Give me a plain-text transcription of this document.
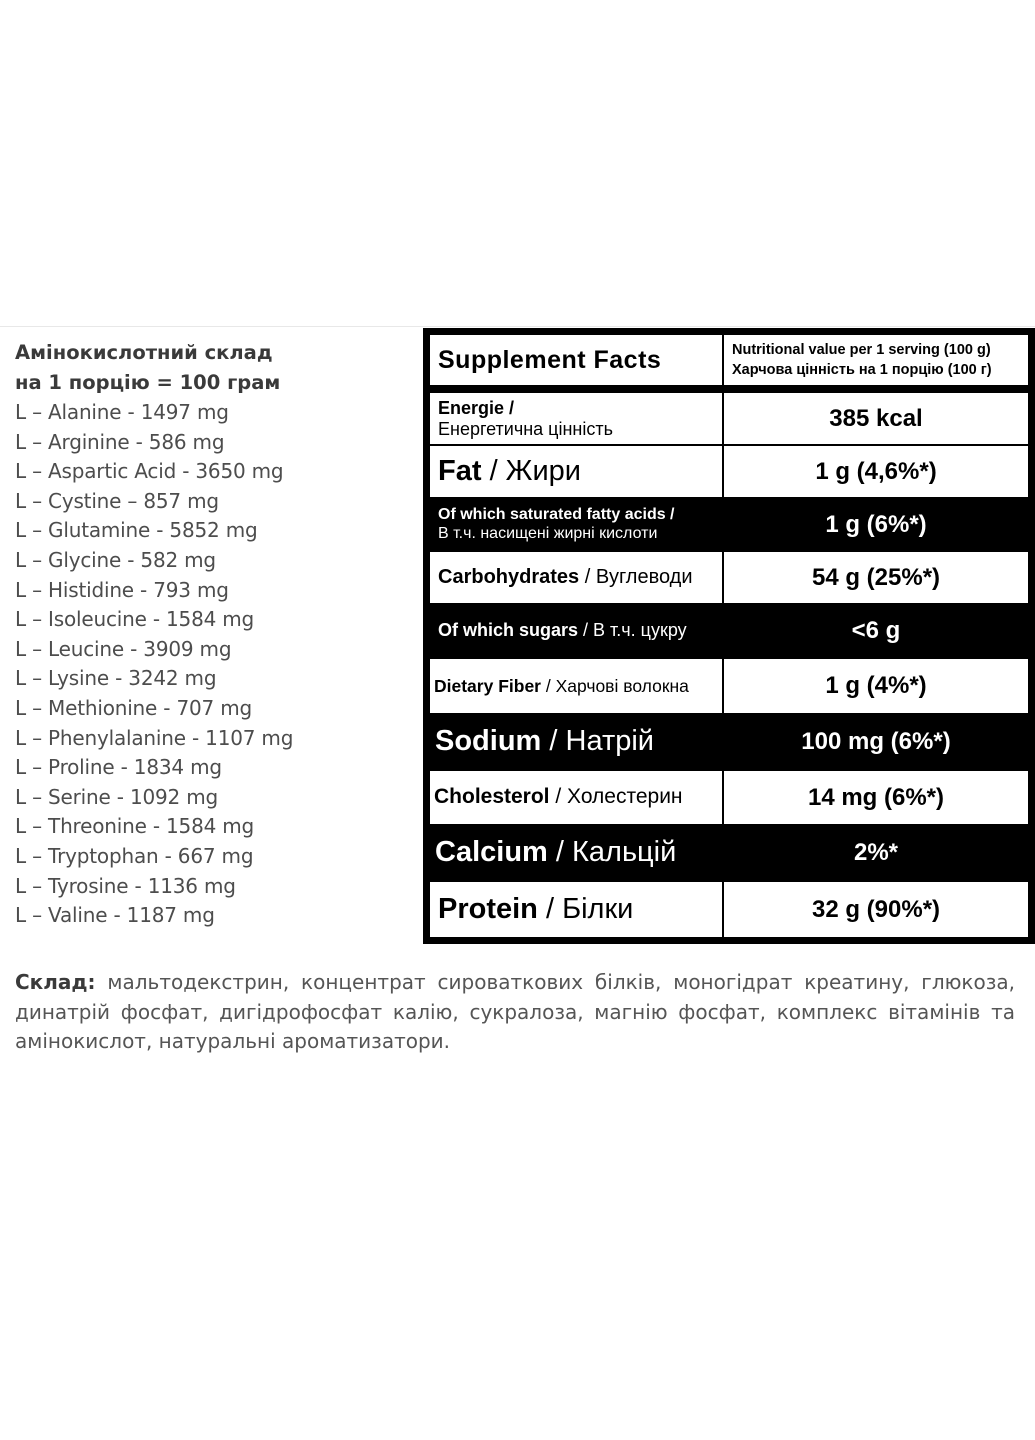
Амінокислотний склад
на 1 порцію = 100 грам
L – Alanine - 1497 mg
L – Arginine - 586 mg
L – Aspartic Acid - 3650 mg
L – Cystine – 857 mg
L – Glutamine - 5852 mg
L – Glycine - 582 mg
L – Histidine - 793 mg
L – Isoleucine - 1584 mg
L – Leucine - 3909 mg
L – Lysine - 3242 mg
L – Methionine - 707 mg
L – Phenylalanine - 1107 mg
L – Proline - 1834 mg
L – Serine - 1092 mg
L – Threonine - 1584 mg
L – Tryptophan - 667 mg
L – Tyrosine - 1136 mg
L – Valine - 1187 mg
Supplement Facts	Nutritional value per 1 serving (100 g)
Харчова цінність на 1 порцію (100 г)
Energie /
Енергетична цінність	385 kcal
Fat / Жири	1 g (4,6%*)
Of which saturated fatty acids /
В т.ч. насищені жирні кислоти	1 g (6%*)
Carbohydrates / Вуглеводи	54 g (25%*)
Of which sugars / В т.ч. цукру	<6 g
Dietary Fiber / Харчові волокна	1 g (4%*)
Sodium / Натрій	100 mg (6%*)
Cholesterol / Холестерин	14 mg (6%*)
Calcium / Кальцій	2%*
Protein / Білки	32 g (90%*)
Склад: мальтодекстрин, концентрат сироваткових білків, моногідрат креатину, глюкоза, динатрій фосфат, дигідрофосфат калію, сукралоза, магнію фосфат, комплекс вітамінів та амінокислот, натуральні ароматизатори.
